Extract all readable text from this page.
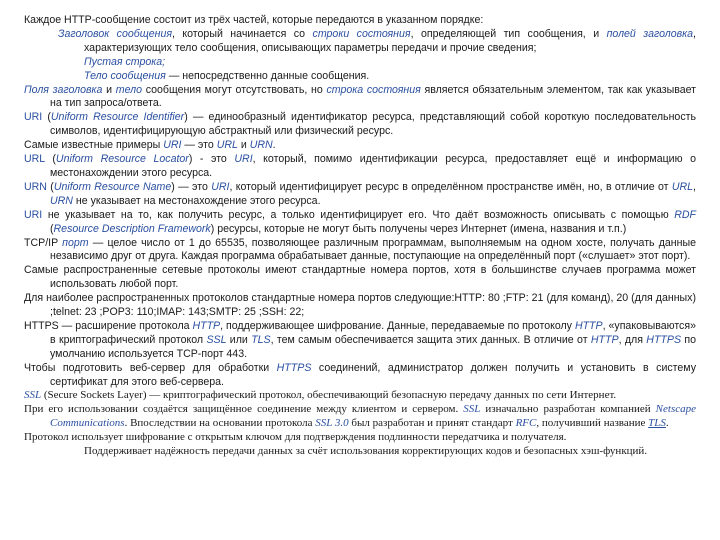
Каждое HTTP-сообщение состоит из трёх частей, которые передаются в указанном порядке:

Заголовок сообщения, который начинается со строки состояния, определяющей тип сообщения, и полей заголовка, характеризующих тело сообщения, описывающих параметры передачи и прочие сведения;

Пустая строка;

Тело сообщения — непосредственно данные сообщения.

Поля заголовка и тело сообщения могут отсутствовать, но строка состояния является обязательным элементом, так как указывает на тип запроса/ответа.

URI (Uniform Resource Identifier) — единообразный идентификатор ресурса, представляющий собой короткую последовательность символов, идентифицирующую абстрактный или физический ресурс.

Самые известные примеры URI — это URL и URN.

URL (Uniform Resource Locator) - это URI, который, помимо идентификации ресурса, предоставляет ещё и информацию о местонахождении этого ресурса.

URN (Uniform Resource Name) — это URI, который идентифицирует ресурс в определённом пространстве имён, но, в отличие от URL, URN не указывает на местонахождение этого ресурса.

URI не указывает на то, как получить ресурс, а только идентифицирует его. Что даёт возможность описывать с помощью RDF (Resource Description Framework) ресурсы, которые не могут быть получены через Интернет (имена, названия и т.п.)

TCP/IP порт — целое число от 1 до 65535, позволяющее различным программам, выполняемым на одном хосте, получать данные независимо друг от друга. Каждая программа обрабатывает данные, поступающие на определённый порт («слушает» этот порт).

Самые распространенные сетевые протоколы имеют стандартные номера портов, хотя в большинстве случаев программа может использовать любой порт.

Для наиболее распространенных протоколов стандартные номера портов следующие:HTTP: 80 ;FTP: 21 (для команд), 20 (для данных) ;telnet: 23 ;POP3: 110;IMAP: 143;SMTP: 25 ;SSH: 22;

HTTPS — расширение протокола HTTP, поддерживающее шифрование. Данные, передаваемые по протоколу HTTP, «упаковываются» в криптографический протокол SSL или TLS, тем самым обеспечивается защита этих данных. В отличие от HTTP, для HTTPS по умолчанию используется TCP-порт 443.

Чтобы подготовить веб-сервер для обработки HTTPS соединений, администратор должен получить и установить в систему сертификат для этого веб-сервера.

SSL (Secure Sockets Layer) — криптографический протокол, обеспечивающий безопасную передачу данных по сети Интернет.

При его использовании создаётся защищённое соединение между клиентом и сервером. SSL изначально разработан компанией Netscape Communications. Впоследствии на основании протокола SSL 3.0 был разработан и принят стандарт RFC, получивший название TLS.

Протокол использует шифрование с открытым ключом для подтверждения подлинности передатчика и получателя.

Поддерживает надёжность передачи данных за счёт использования корректирующих кодов и безопасных хэш-функций.
